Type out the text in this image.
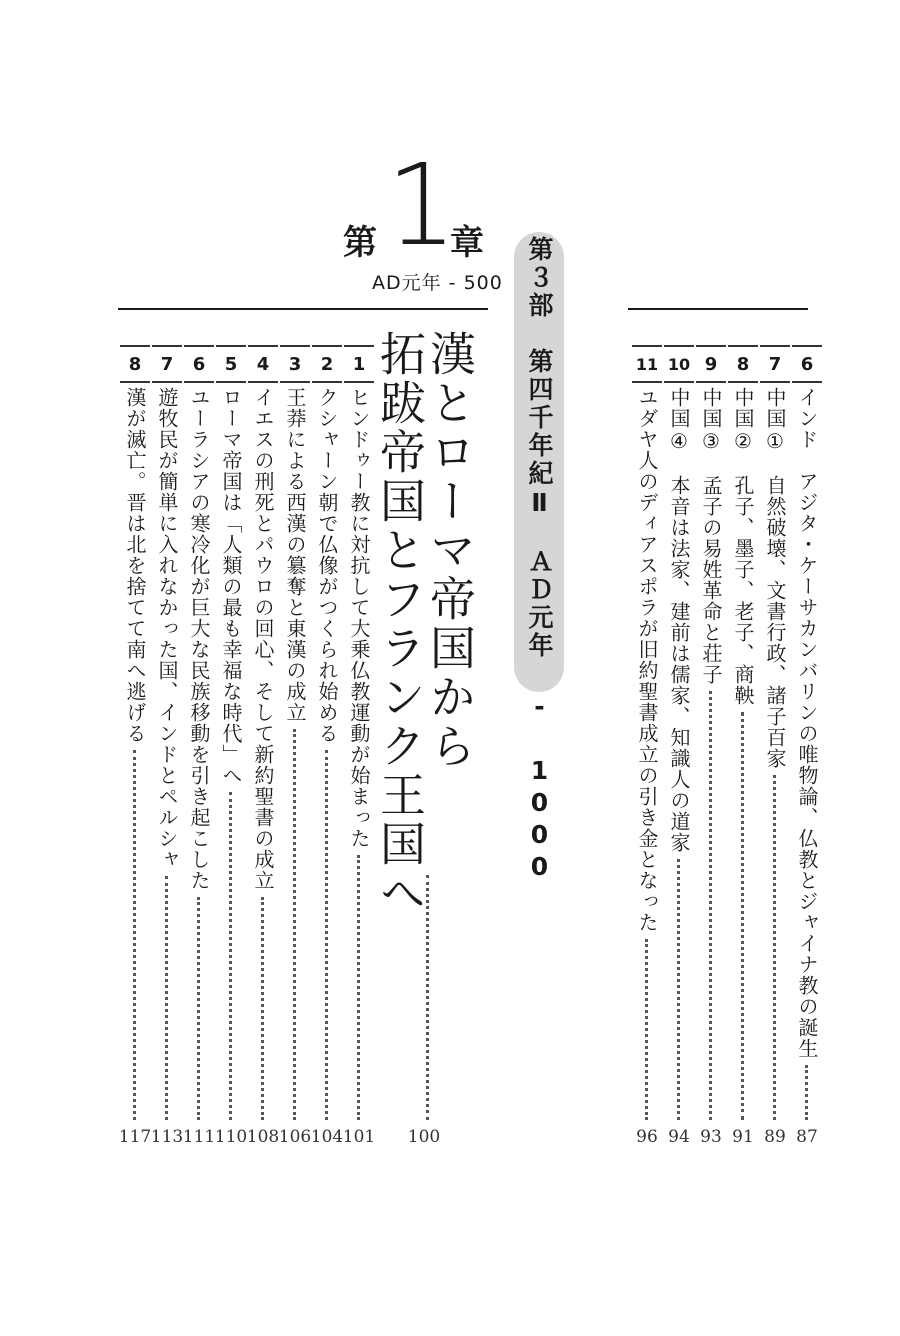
第 1
章
AD元年 - 500 第３部　第四千年紀Ⅱ　ＡＤ元年 - 1000
漢とローマ帝国から
拓跋帝国とフランク王国へ
100
8
漢が滅亡。晋は北を捨てて南へ逃げる
117
7
遊牧民が簡単に入れなかった国、インドとペルシャ
113
6
ユーラシアの寒冷化が巨大な民族移動を引き起こした
111
5
ローマ帝国は「人類の最も幸福な時代」へ
110
4
イエスの刑死とパウロの回心、そして新約聖書の成立
108
3
王莽による西漢の簒奪と東漢の成立
106
2
クシャーン朝で仏像がつくられ始める
104
1
ヒンドゥー教に対抗して大乗仏教運動が始まった
101
11
ユダヤ人のディアスポラが旧約聖書成立の引き金となった
96
10
中国④　本音は法家、建前は儒家、知識人の道家
94
9
中国③　孟子の易姓革命と荘子
93
8
中国②　孔子、墨子、老子、商鞅
91
7
中国①　自然破壊、文書行政、諸子百家
89
6
インド　アジタ・ケーサカンバリンの唯物論、仏教とジャイナ教の誕生
87
